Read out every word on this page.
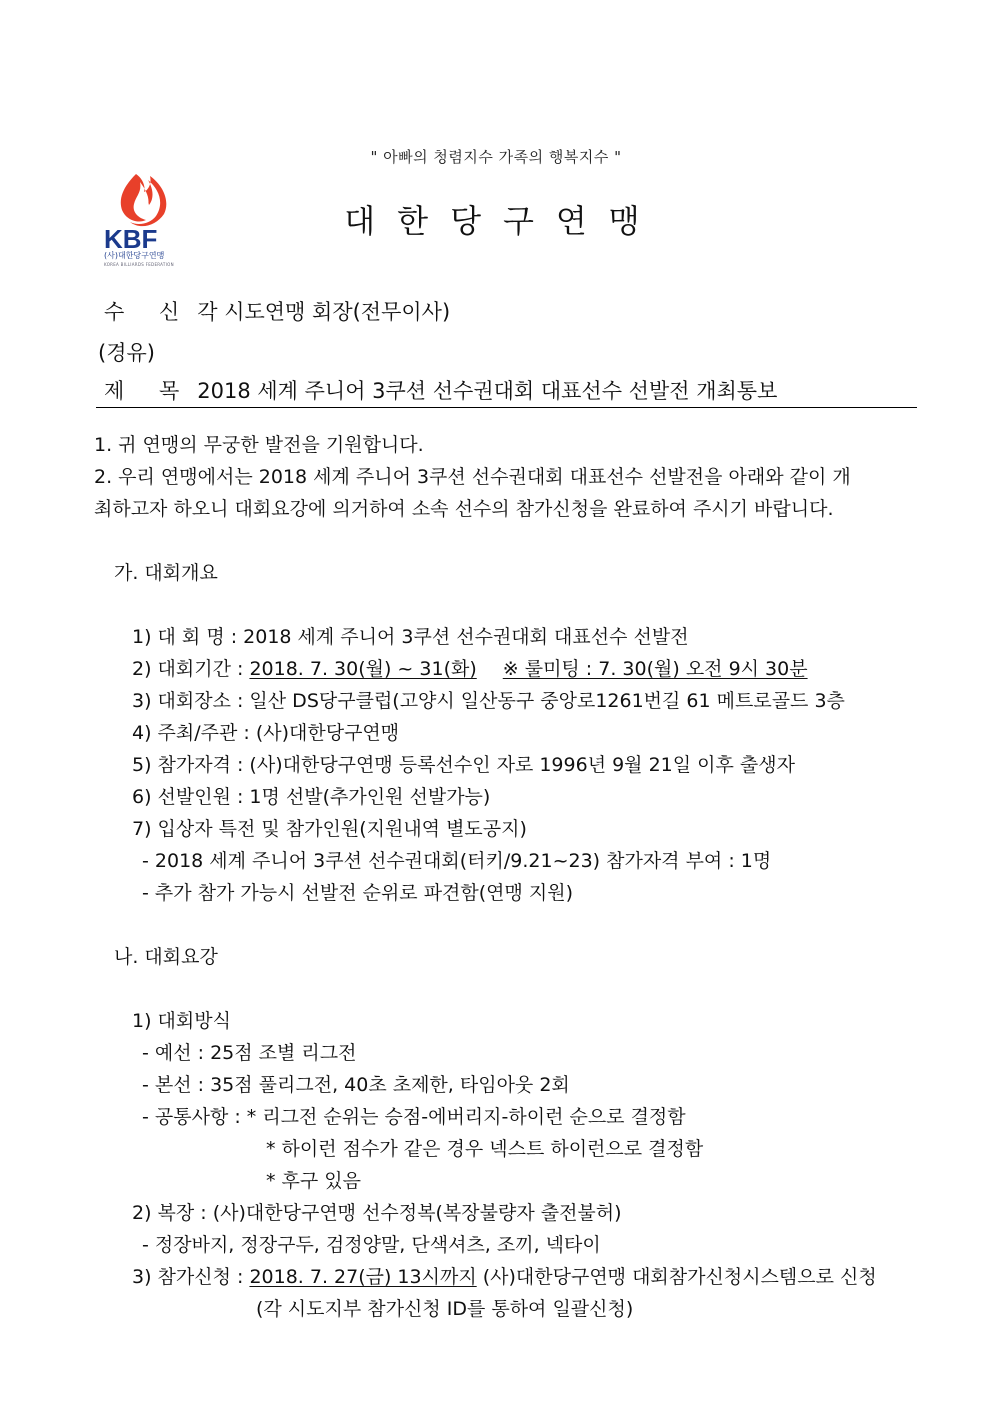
" 아빠의 청렴지수 가족의 행복지수 "
KBF
(사)대한당구연맹
KOREA BILLIARDS FEDERATION
대한당구연맹
수 신 각 시도연맹 회장(전무이사)
(경유)
제 목 2018 세계 주니어 3쿠션 선수권대회 대표선수 선발전 개최통보
1. 귀 연맹의 무궁한 발전을 기원합니다.
2. 우리 연맹에서는 2018 세계 주니어 3쿠션 선수권대회 대표선수 선발전을 아래와 같이 개
최하고자 하오니 대회요강에 의거하여 소속 선수의 참가신청을 완료하여 주시기 바랍니다.
가. 대회개요
1) 대 회 명 : 2018 세계 주니어 3쿠션 선수권대회 대표선수 선발전
2) 대회기간 : 2018. 7. 30(월) ~ 31(화) ※ 룰미팅 : 7. 30(월) 오전 9시 30분
3) 대회장소 : 일산 DS당구클럽(고양시 일산동구 중앙로1261번길 61 메트로골드 3층
4) 주최/주관 : (사)대한당구연맹
5) 참가자격 : (사)대한당구연맹 등록선수인 자로 1996년 9월 21일 이후 출생자
6) 선발인원 : 1명 선발(추가인원 선발가능)
7) 입상자 특전 및 참가인원(지원내역 별도공지)
- 2018 세계 주니어 3쿠션 선수권대회(터키/9.21~23) 참가자격 부여 : 1명
- 추가 참가 가능시 선발전 순위로 파견함(연맹 지원)
나. 대회요강
1) 대회방식
- 예선 : 25점 조별 리그전
- 본선 : 35점 풀리그전, 40초 초제한, 타임아웃 2회
- 공통사항 : * 리그전 순위는 승점-에버리지-하이런 순으로 결정함
* 하이런 점수가 같은 경우 넥스트 하이런으로 결정함
* 후구 있음
2) 복장 : (사)대한당구연맹 선수정복(복장불량자 출전불허)
- 정장바지, 정장구두, 검정양말, 단색셔츠, 조끼, 넥타이
3) 참가신청 : 2018. 7. 27(금) 13시까지 (사)대한당구연맹 대회참가신청시스템으로 신청
(각 시도지부 참가신청 ID를 통하여 일괄신청)
